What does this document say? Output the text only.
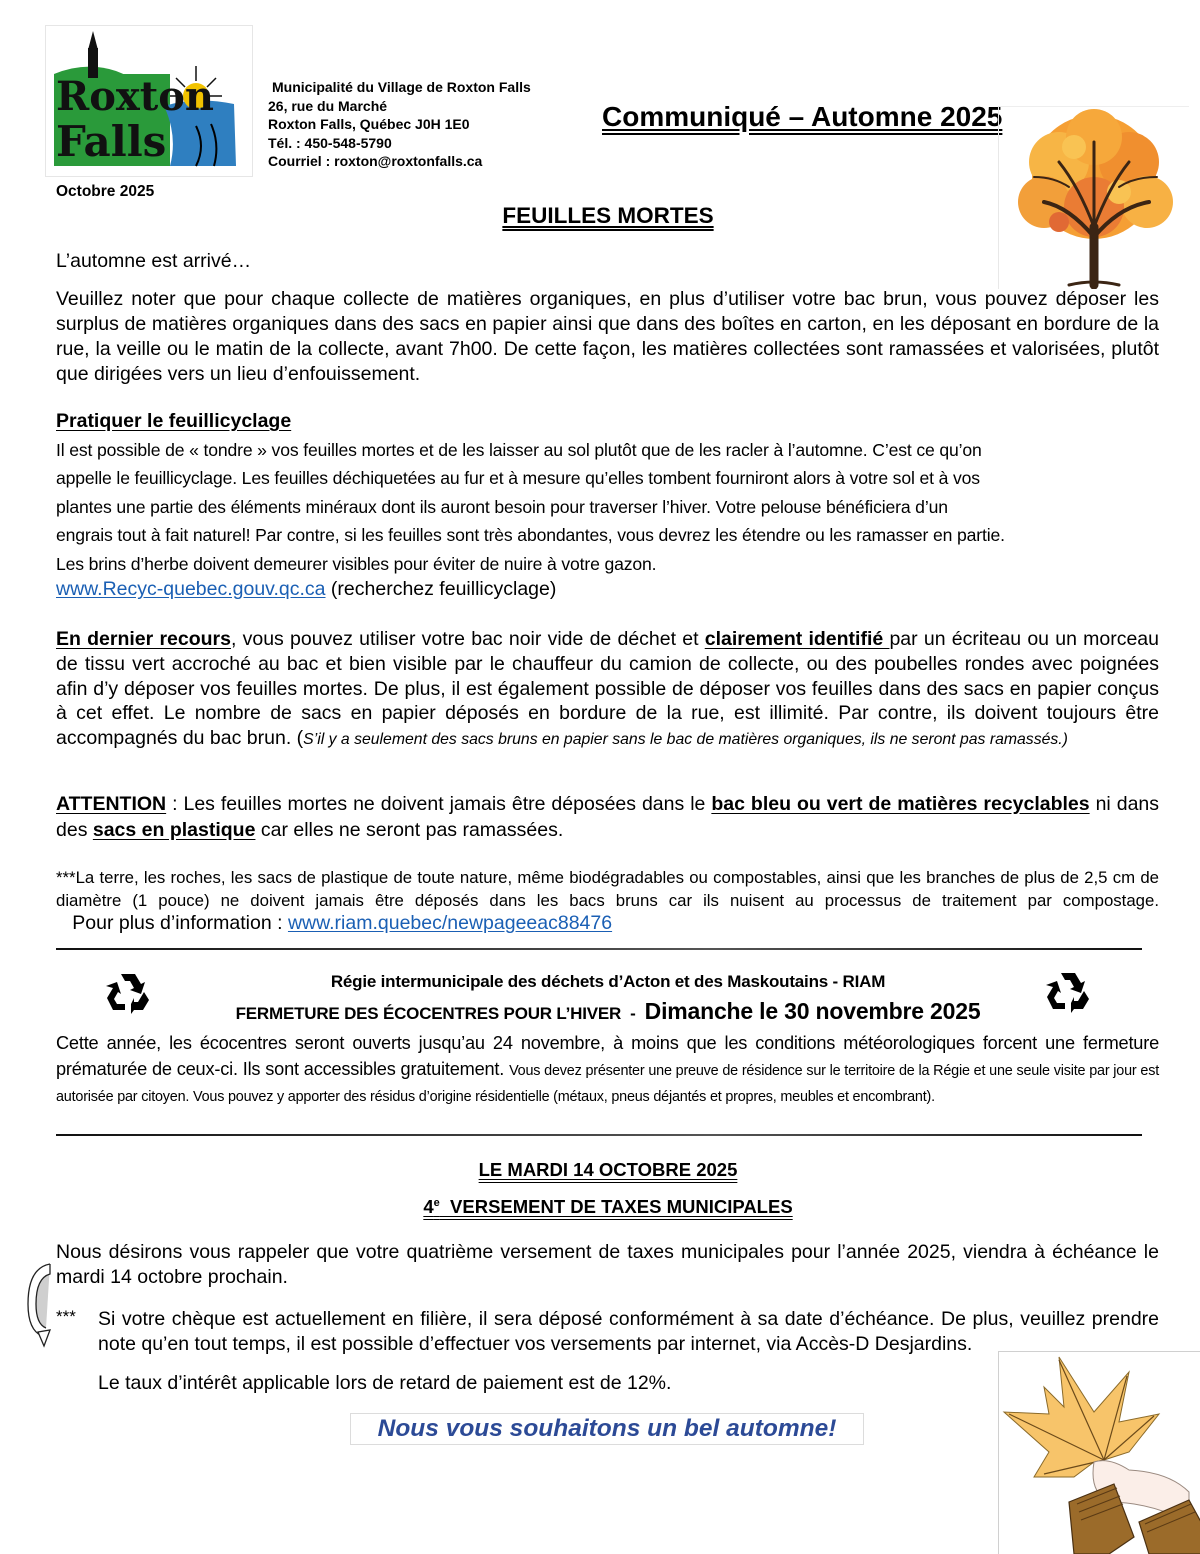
Roxton
Falls
Municipalité du Village de Roxton Falls
26, rue du Marché
Roxton Falls, Québec J0H 1E0
Tél. : 450-548-5790
Courriel : roxton@roxtonfalls.ca
Octobre 2025
Communiqué – Automne 2025
FEUILLES MORTES
L’automne est arrivé…
Veuillez noter que pour chaque collecte de matières organiques, en plus d’utiliser votre bac brun, vous pouvez déposer les surplus de matières organiques dans des sacs en papier ainsi que dans des boîtes en carton, en les déposant en bordure de la rue, la veille ou le matin de la collecte, avant 7h00. De cette façon, les matières collectées sont ramassées et valorisées, plutôt que dirigées vers un lieu d’enfouissement.
Pratiquer le feuillicyclage
Il est possible de « tondre » vos feuilles mortes et de les laisser au sol plutôt que de les racler à l’automne. C’est ce qu’on
appelle le feuillicyclage. Les feuilles déchiquetées au fur et à mesure qu’elles tombent fourniront alors à votre sol et à vos
plantes une partie des éléments minéraux dont ils auront besoin pour traverser l’hiver. Votre pelouse bénéficiera d’un
engrais tout à fait naturel! Par contre, si les feuilles sont très abondantes, vous devrez les étendre ou les ramasser en partie.
Les brins d’herbe doivent demeurer visibles pour éviter de nuire à votre gazon.
www.Recyc-quebec.gouv.qc.ca (recherchez feuillicyclage)
En dernier recours, vous pouvez utiliser votre bac noir vide de déchet et clairement identifié par un écriteau ou un morceau de tissu vert accroché au bac et bien visible par le chauffeur du camion de collecte, ou des poubelles rondes avec poignées afin d’y déposer vos feuilles mortes. De plus, il est également possible de déposer vos feuilles dans des sacs en papier conçus à cet effet. Le nombre de sacs en papier déposés en bordure de la rue, est illimité. Par contre, ils doivent toujours être accompagnés du bac brun. (S’il y a seulement des sacs bruns en papier sans le bac de matières organiques, ils ne seront pas ramassés.)
ATTENTION : Les feuilles mortes ne doivent jamais être déposées dans le bac bleu ou vert de matières recyclables ni dans des sacs en plastique car elles ne seront pas ramassées.
***La terre, les roches, les sacs de plastique de toute nature, même biodégradables ou compostables, ainsi que les branches de plus de 2,5 cm de diamètre (1 pouce) ne doivent jamais être déposés dans les bacs bruns car ils nuisent au processus de traitement par compostage.   Pour plus d’information : www.riam.quebec/newpageeac88476
Régie intermunicipale des déchets d’Acton et des Maskoutains - RIAM
FERMETURE DES ÉCOCENTRES POUR L’HIVER  -  Dimanche le 30 novembre 2025
Cette année, les écocentres seront ouverts jusqu’au 24 novembre, à moins que les conditions météorologiques forcent une fermeture prématurée de ceux-ci. Ils sont accessibles gratuitement. Vous devez présenter une preuve de résidence sur le territoire de la Régie et une seule visite par jour est autorisée par citoyen. Vous pouvez y apporter des résidus d’origine résidentielle (métaux, pneus déjantés et propres, meubles et encombrant).
LE MARDI 14 OCTOBRE 2025
4e  VERSEMENT DE TAXES MUNICIPALES
Nous désirons vous rappeler que votre quatrième versement de taxes municipales pour l’année 2025, viendra à échéance le mardi 14 octobre prochain.
*** Si votre chèque est actuellement en filière, il sera déposé conformément à sa date d’échéance. De plus, veuillez prendre note qu’en tout temps, il est possible d’effectuer vos versements par internet, via Accès-D Desjardins.
Le taux d’intérêt applicable lors de retard de paiement est de 12%.
Nous vous souhaitons un bel automne!
